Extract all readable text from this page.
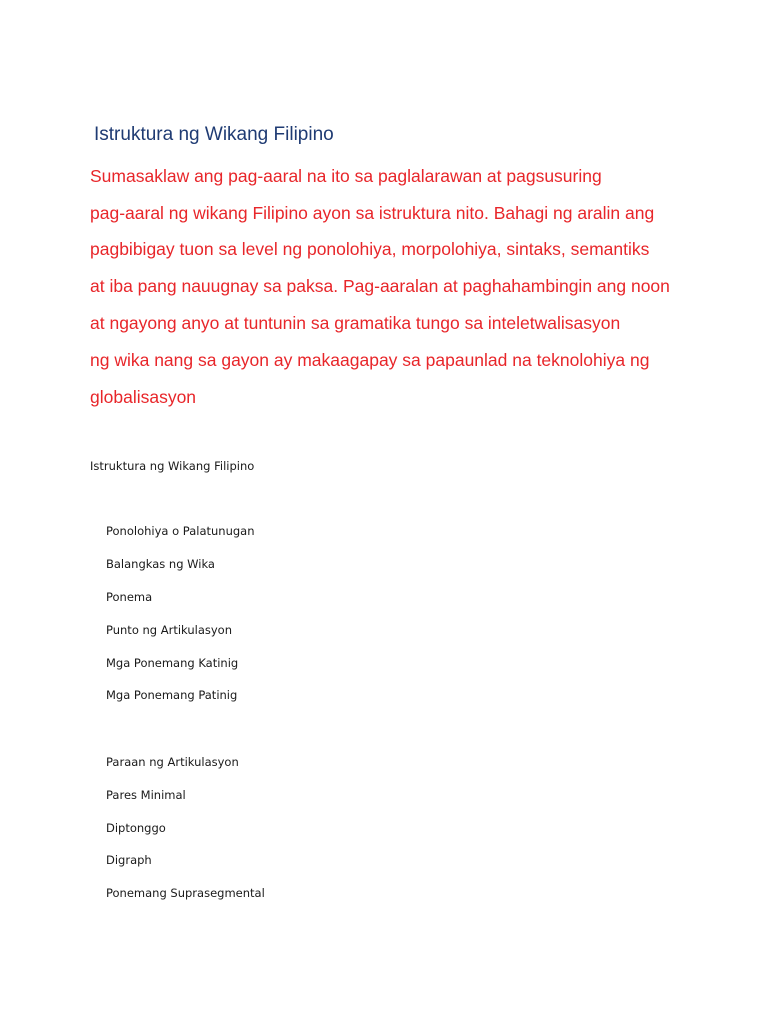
Istruktura ng Wikang Filipino

Sumasaklaw ang pag-aaral na ito sa paglalarawan at pagsusuring

pag-aaral ng wikang Filipino ayon sa istruktura nito. Bahagi ng aralin ang

pagbibigay tuon sa level ng ponolohiya, morpolohiya, sintaks, semantiks

at iba pang nauugnay sa paksa. Pag-aaralan at paghahambingin ang noon

at ngayong anyo at tuntunin sa gramatika tungo sa inteletwalisasyon

ng wika nang sa gayon ay makaagapay sa papaunlad na teknolohiya ng

globalisasyon

Istruktura ng Wikang Filipino

Ponolohiya o Palatunugan

Balangkas ng Wika

Ponema

Punto ng Artikulasyon

Mga Ponemang Katinig

Mga Ponemang Patinig

Paraan ng Artikulasyon

Pares Minimal

Diptonggo

Digraph

Ponemang Suprasegmental
